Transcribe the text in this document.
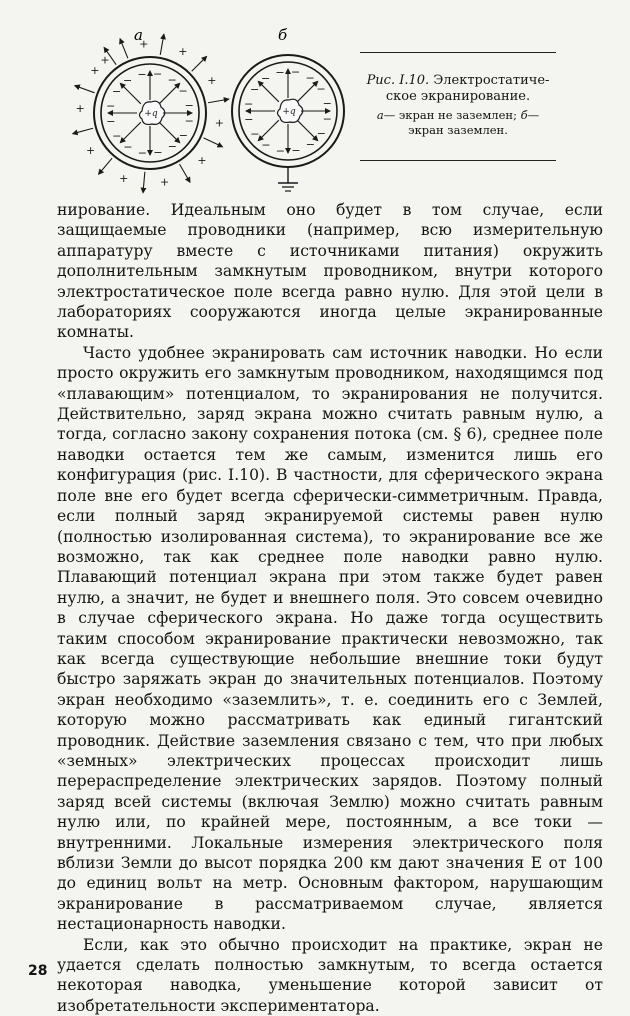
а	б
+q
−
−
−
−
−
−
−
−
−
−
− − − −
−
−
+
+
+
+
+
+
+
+
+
+
+
+q
−
−
−
−
−
−
−
−
−
−
− − − −
−
−
Рис. I.10. Электростатиче-ское экранирование.
а— экран не заземлен; б— экран заземлен.

нирование. Идеальным оно будет в том случае, если защищаемые проводники (например, всю измерительную аппаратуру вместе с источниками питания) окружить дополнительным замкнутым проводником, внутри которого электростатическое поле всегда равно нулю. Для этой цели в лабораториях сооружаются иногда целые экранированные комнаты.

Часто удобнее экранировать сам источник наводки. Но если просто окружить его замкнутым проводником, находящимся под «плавающим» потенциалом, то экранирования не получится. Действительно, заряд экрана можно считать равным нулю, а тогда, согласно закону сохранения потока (см. § 6), среднее поле наводки остается тем же самым, изменится лишь его конфигурация (рис. I.10). В частности, для сферического экрана поле вне его будет всегда сферически-симметричным. Правда, если полный заряд экранируемой системы равен нулю (полностью изолированная система), то экранирование все же возможно, так как среднее поле наводки равно нулю. Плавающий потенциал экрана при этом также будет равен нулю, а значит, не будет и внешнего поля. Это совсем очевидно в случае сферического экрана. Но даже тогда осуществить таким способом экранирование практически невозможно, так как всегда существующие небольшие внешние токи будут быстро заряжать экран до значительных потенциалов. Поэтому экран необходимо «заземлить», т. е. соединить его с Землей, которую можно рассматривать как единый гигантский проводник. Действие заземления связано с тем, что при любых «земных» электрических процессах происходит лишь перераспределение электрических зарядов. Поэтому полный заряд всей системы (включая Землю) можно считать равным нулю или, по крайней мере, постоянным, а все токи — внутренними. Локальные измерения электрического поля вблизи Земли до высот порядка 200 км дают значения E от 100 до единиц вольт на метр. Основным фактором, нарушающим экранирование в рассматриваемом случае, является нестационарность наводки.

Если, как это обычно происходит на практике, экран не удается сделать полностью замкнутым, то всегда остается некоторая наводка, уменьшение которой зависит от изобретательности экспериментатора.

28
